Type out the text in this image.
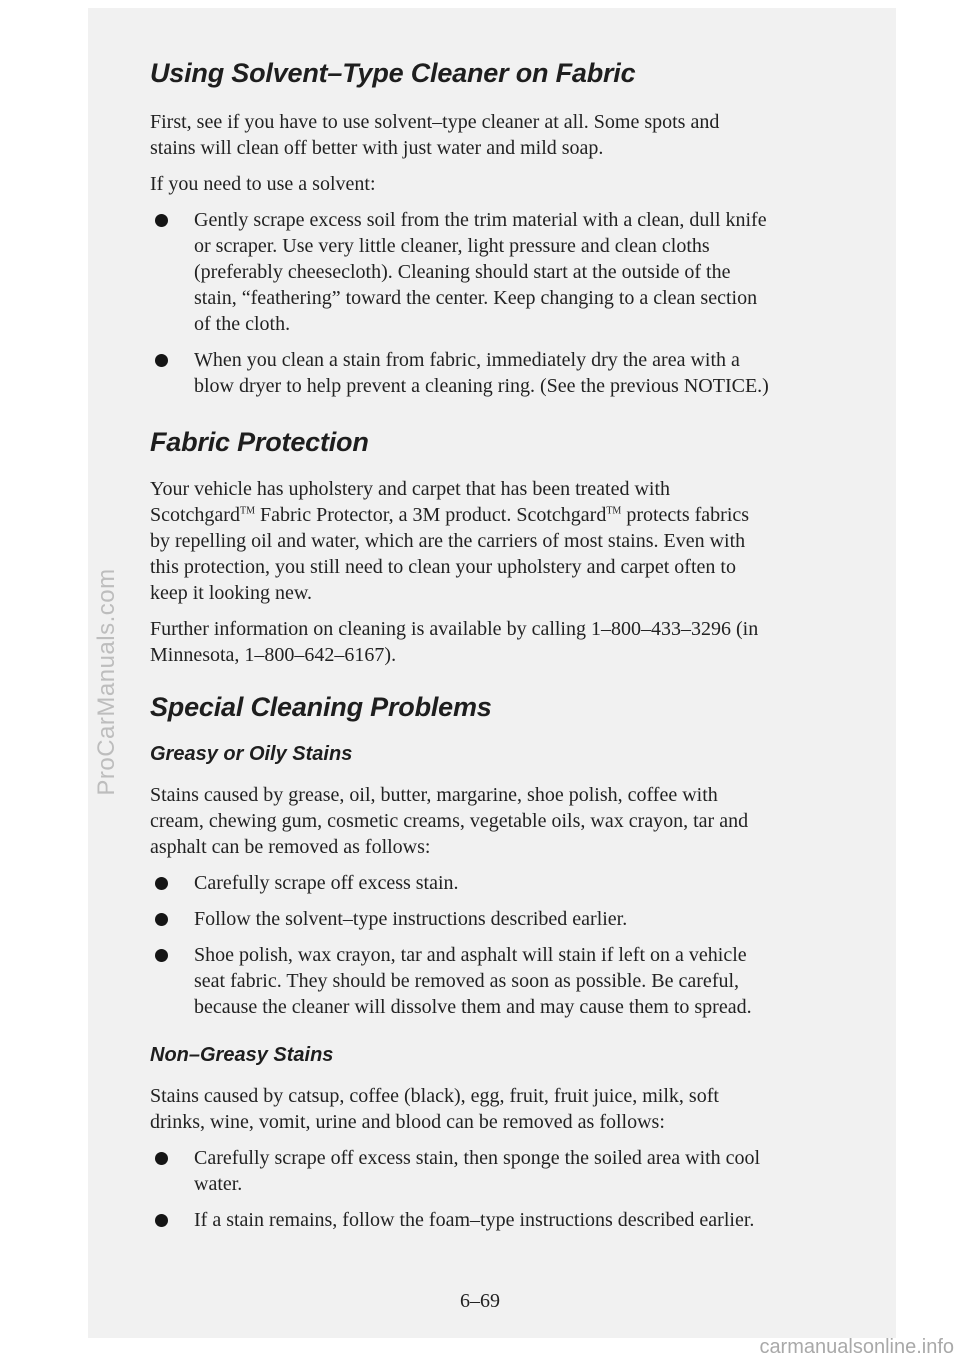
ProCarManuals.com
Using Solvent–Type Cleaner on Fabric

First, see if you have to use solvent–type cleaner at all. Some spots and
stains will clean off better with just water and mild soap.

If you need to use a solvent:

Gently scrape excess soil from the trim material with a clean, dull knife
or scraper. Use very little cleaner, light pressure and clean cloths
(preferably cheesecloth). Cleaning should start at the outside of the
stain, “feathering” toward the center. Keep changing to a clean section
of the cloth.
When you clean a stain from fabric, immediately dry the area with a
blow dryer to help prevent a cleaning ring. (See the previous NOTICE.)
Fabric Protection

Your vehicle has upholstery and carpet that has been treated with
Scotchgard™ Fabric Protector, a 3M product. Scotchgard™ protects fabrics
by repelling oil and water, which are the carriers of most stains. Even with
this protection, you still need to clean your upholstery and carpet often to
keep it looking new.

Further information on cleaning is available by calling 1–800–433–3296 (in
Minnesota, 1–800–642–6167).

Special Cleaning Problems
Greasy or Oily Stains

Stains caused by grease, oil, butter, margarine, shoe polish, coffee with
cream, chewing gum, cosmetic creams, vegetable oils, wax crayon, tar and
asphalt can be removed as follows:

Carefully scrape off excess stain.
Follow the solvent–type instructions described earlier.
Shoe polish, wax crayon, tar and asphalt will stain if left on a vehicle
seat fabric. They should be removed as soon as possible. Be careful,
because the cleaner will dissolve them and may cause them to spread.
Non–Greasy Stains

Stains caused by catsup, coffee (black), egg, fruit, fruit juice, milk, soft
drinks, wine, vomit, urine and blood can be removed as follows:

Carefully scrape off excess stain, then sponge the soiled area with cool
water.
If a stain remains, follow the foam–type instructions described earlier.
6–69
carmanualsonline.info
